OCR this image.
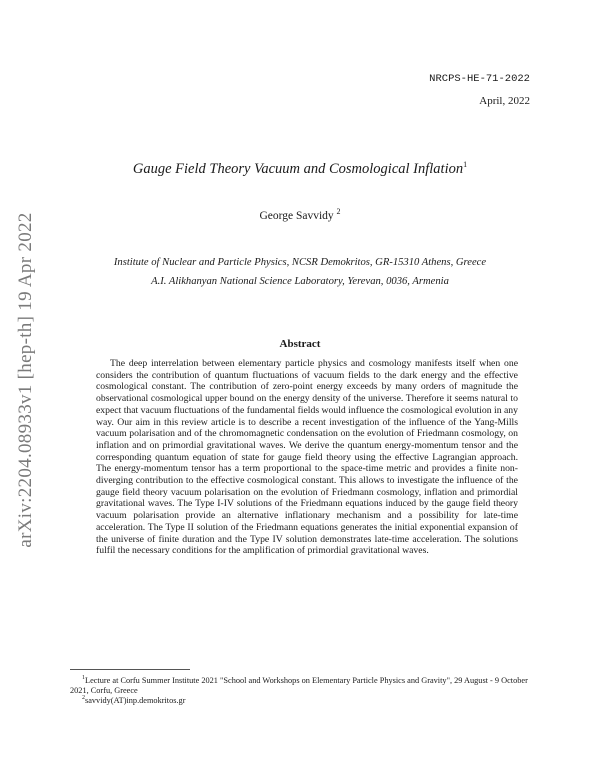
arXiv:2204.08933v1 [hep-th] 19 Apr 2022
NRCPS-HE-71-2022
April, 2022
Gauge Field Theory Vacuum and Cosmological Inflation$^1$
George Savvidy $^2$
Institute of Nuclear and Particle Physics, NCSR Demokritos, GR-15310 Athens, Greece
A.I. Alikhanyan National Science Laboratory, Yerevan, 0036, Armenia
Abstract

The deep interrelation between elementary particle physics and cosmology manifests itself when one considers the contribution of quantum fluctuations of vacuum fields to the dark energy and the effective cosmological constant. The contribution of zero-point energy exceeds by many orders of magnitude the observational cosmological upper bound on the energy density of the universe. Therefore it seems natural to expect that vacuum fluctuations of the fundamental fields would influence the cosmological evolution in any way. Our aim in this review article is to describe a recent investigation of the influence of the Yang-Mills vacuum polarisation and of the chromomagnetic condensation on the evolution of Friedmann cosmology, on inflation and on primordial gravitational waves. We derive the quantum energy-momentum tensor and the corresponding quantum equation of state for gauge field theory using the effective Lagrangian approach. The energy-momentum tensor has a term proportional to the space-time metric and provides a finite non-diverging contribution to the effective cosmological constant. This allows to investigate the influence of the gauge field theory vacuum polarisation on the evolution of Friedmann cosmology, inflation and primordial gravitational waves. The Type I-IV solutions of the Friedmann equations induced by the gauge field theory vacuum polarisation provide an alternative inflationary mechanism and a possibility for late-time acceleration. The Type II solution of the Friedmann equations generates the initial exponential expansion of the universe of finite duration and the Type IV solution demonstrates late-time acceleration. The solutions fulfil the necessary conditions for the amplification of primordial gravitational waves.

$^1$Lecture at Corfu Summer Institute 2021 "School and Workshops on Elementary Particle Physics and Gravity", 29 August - 9 October 2021, Corfu, Greece

$^2$savvidy(AT)inp.demokritos.gr
